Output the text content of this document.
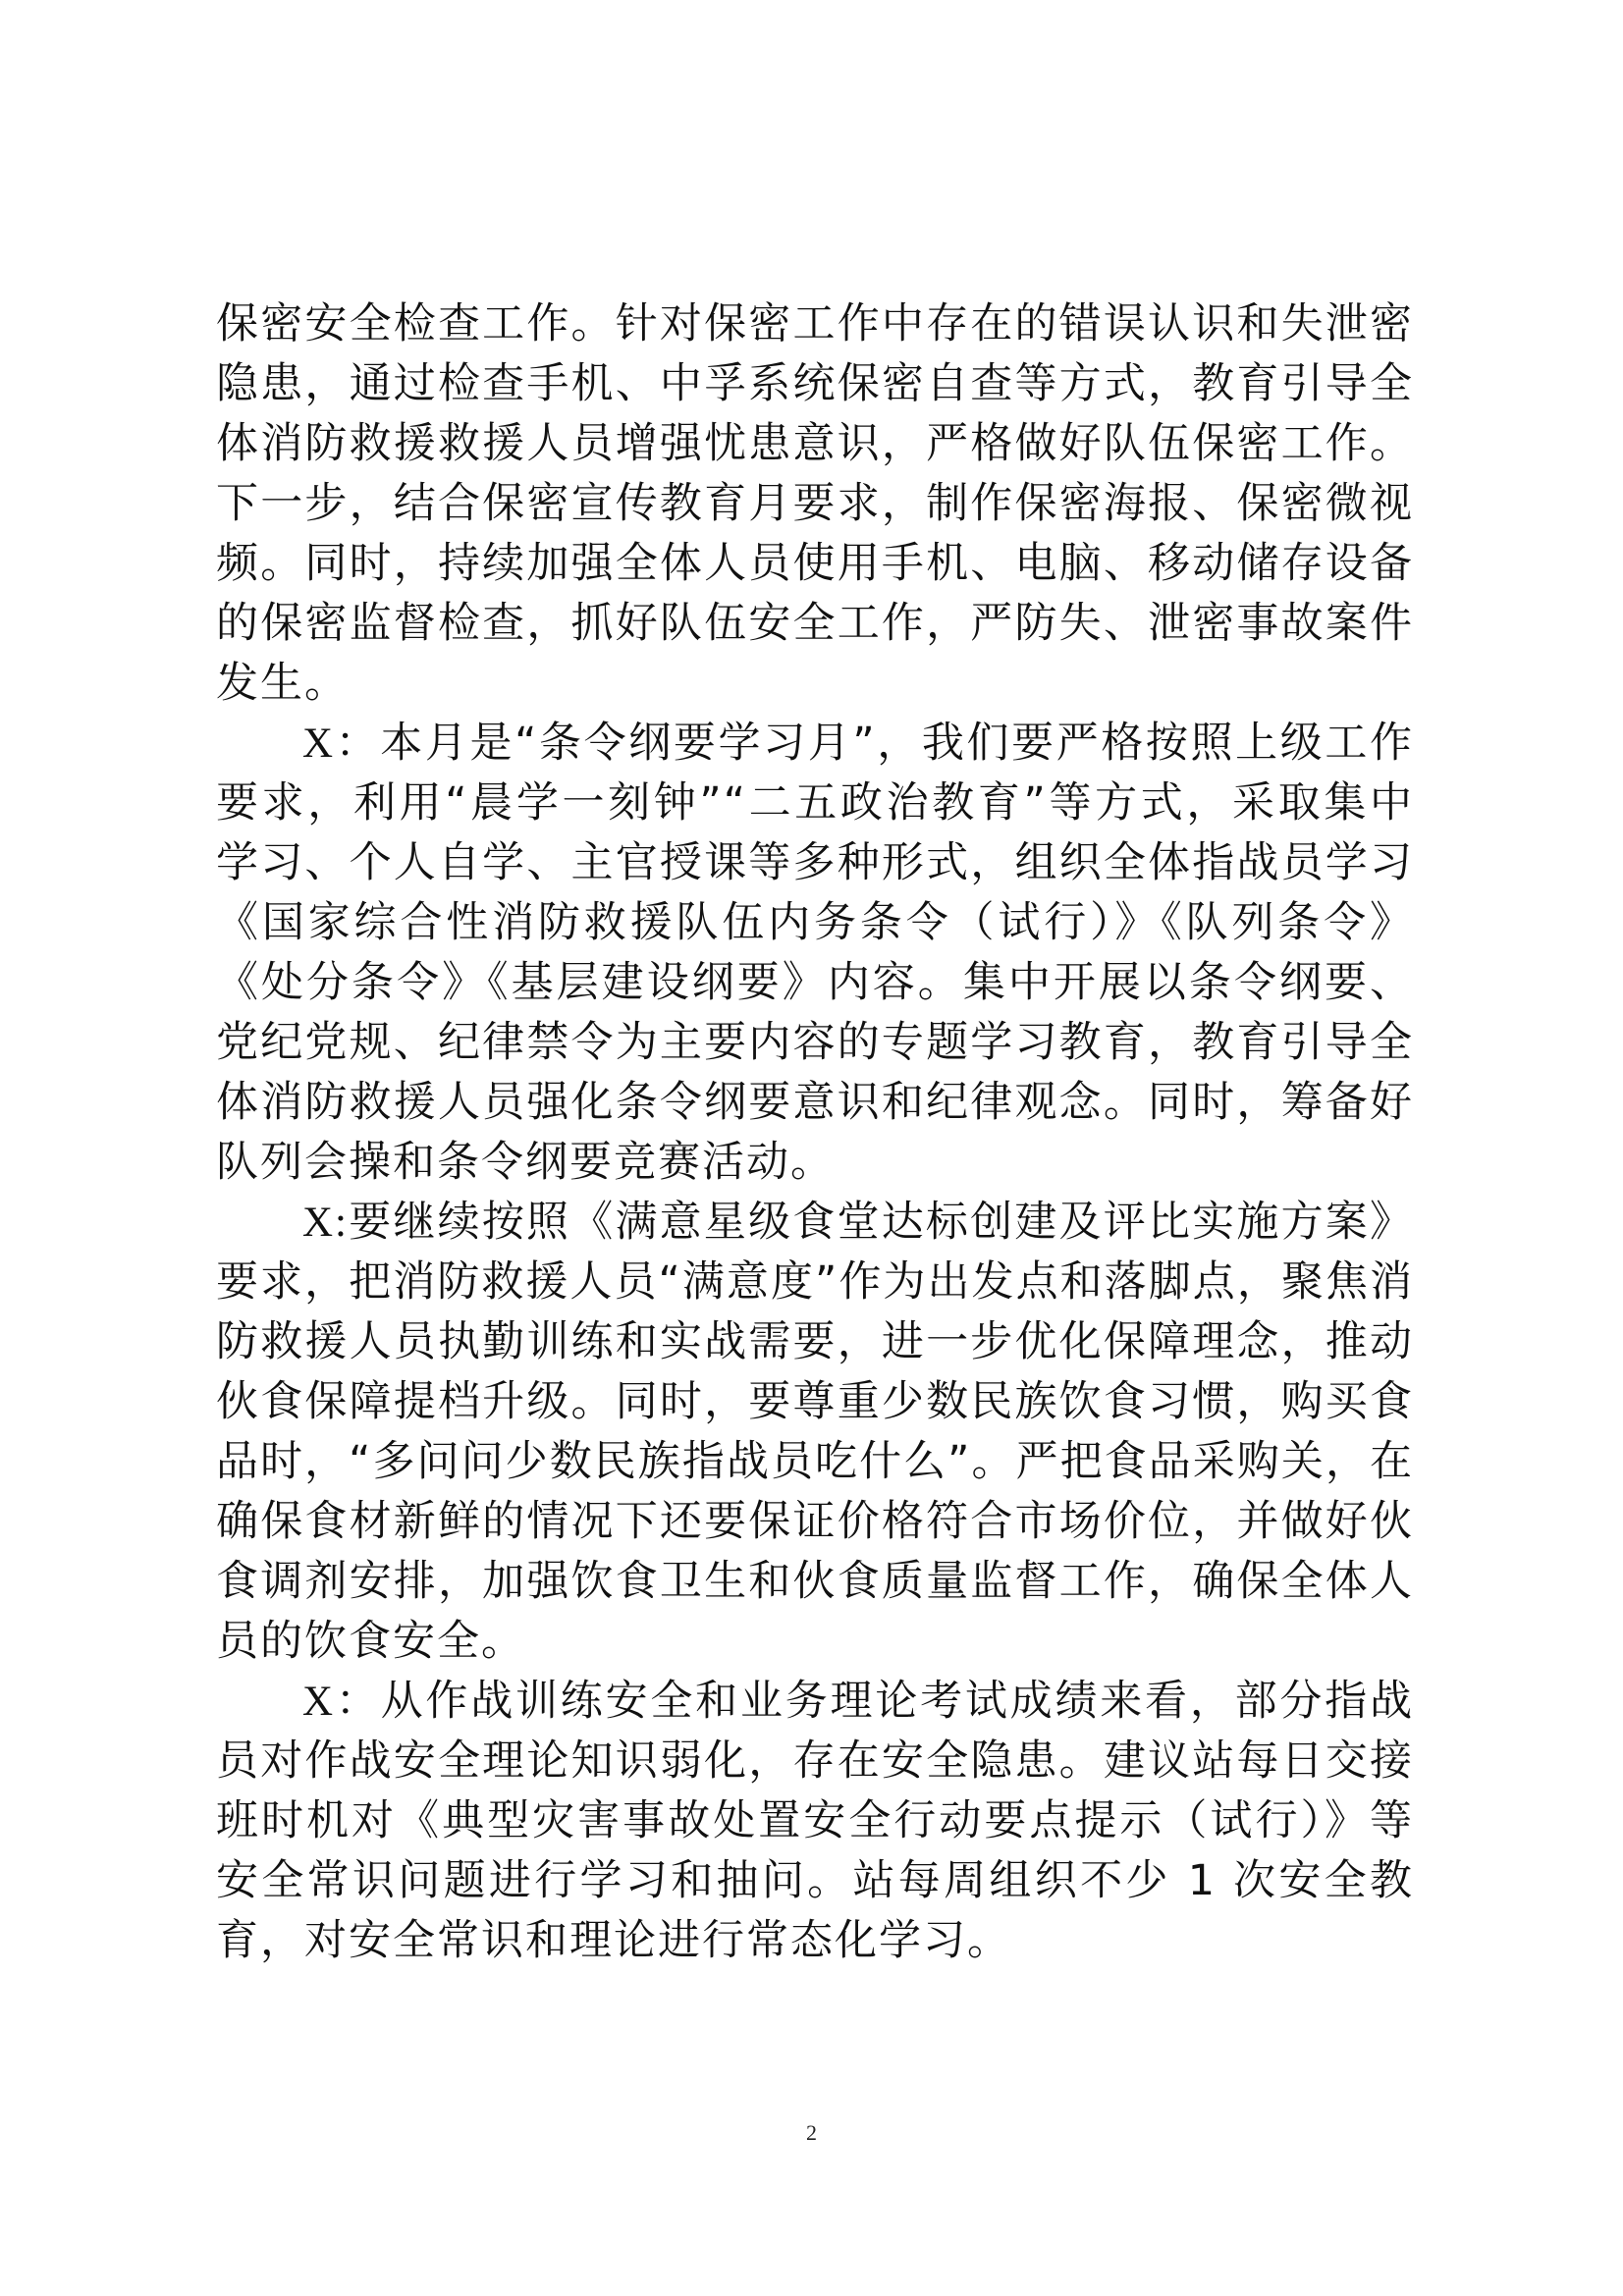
保密安全检查工作。针对保密工作中存在的错误认识和失泄密隐患，通过检查手机、中孚系统保密自查等方式，教育引导全体消防救援救援人员增强忧患意识，严格做好队伍保密工作。下一步，结合保密宣传教育月要求，制作保密海报、保密微视频。同时，持续加强全体人员使用手机、电脑、移动储存设备的保密监督检查，抓好队伍安全工作，严防失、泄密事故案件发生。

X：本月是“条令纲要学习月”，我们要严格按照上级工作要求，利用“晨学一刻钟”“二五政治教育”等方式，采取集中学习、个人自学、主官授课等多种形式，组织全体指战员学习《国家综合性消防救援队伍内务条令（试行）》《队列条令》《处分条令》《基层建设纲要》内容。集中开展以条令纲要、党纪党规、纪律禁令为主要内容的专题学习教育，教育引导全体消防救援人员强化条令纲要意识和纪律观念。同时，筹备好队列会操和条令纲要竞赛活动。

X:要继续按照《满意星级食堂达标创建及评比实施方案》要求，把消防救援人员“满意度”作为出发点和落脚点，聚焦消防救援人员执勤训练和实战需要，进一步优化保障理念，推动伙食保障提档升级。同时，要尊重少数民族饮食习惯，购买食品时，“多问问少数民族指战员吃什么”。严把食品采购关，在确保食材新鲜的情况下还要保证价格符合市场价位，并做好伙食调剂安排，加强饮食卫生和伙食质量监督工作，确保全体人员的饮食安全。

X：从作战训练安全和业务理论考试成绩来看，部分指战员对作战安全理论知识弱化，存在安全隐患。建议站每日交接班时机对《典型灾害事故处置安全行动要点提示（试行）》等安全常识问题进行学习和抽问。站每周组织不少 1 次安全教育，对安全常识和理论进行常态化学习。

2
